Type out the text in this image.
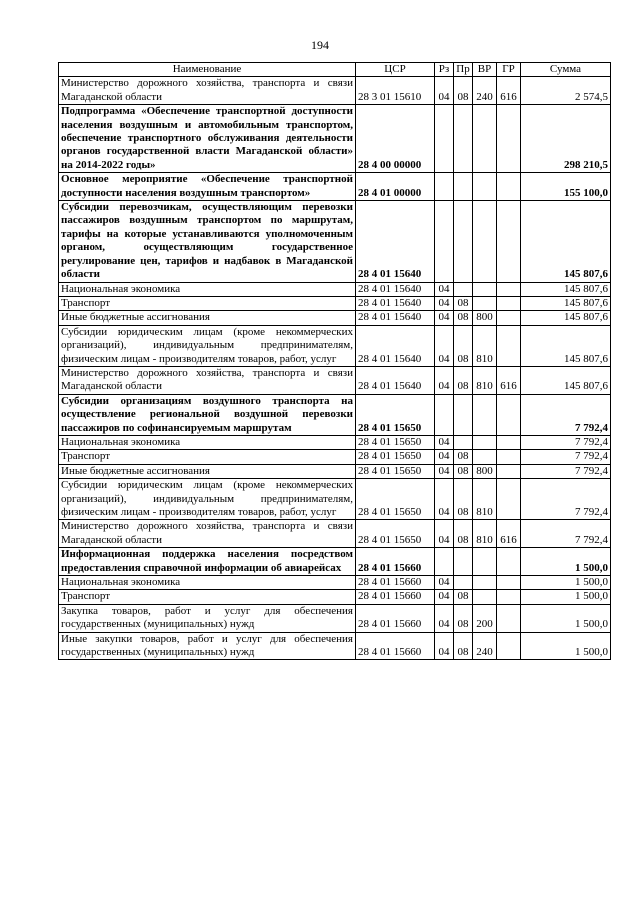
194
Наименование	ЦСР	Рз	Пр	ВР	ГР	Сумма
Министерство дорожного хозяйства, транспорта и связи Магаданской области	28 3 01 15610	04	08	240	616	2 574,5
Подпрограмма «Обеспечение транспортной доступности населения воздушным и автомобильным транспортом, обеспечение транспортного обслуживания деятельности органов государственной власти Магаданской области» на 2014-2022 годы»	28 4 00 00000					298 210,5
Основное мероприятие «Обеспечение транспортной доступности населения воздушным транспортом»	28 4 01 00000					155 100,0
Субсидии перевозчикам, осуществляющим перевозки пассажиров воздушным транспортом по маршрутам, тарифы на которые устанавливаются уполномоченным органом, осуществляющим государственное регулирование цен, тарифов и надбавок в Магаданской области	28 4 01 15640					145 807,6
Национальная экономика	28 4 01 15640	04				145 807,6
Транспорт	28 4 01 15640	04	08			145 807,6
Иные бюджетные ассигнования	28 4 01 15640	04	08	800		145 807,6
Субсидии юридическим лицам (кроме некоммерческих организаций), индивидуальным предпринимателям, физическим лицам - производителям товаров, работ, услуг	28 4 01 15640	04	08	810		145 807,6
Министерство дорожного хозяйства, транспорта и связи Магаданской области	28 4 01 15640	04	08	810	616	145 807,6
Субсидии организациям воздушного транспорта на осуществление региональной воздушной перевозки пассажиров по софинансируемым маршрутам	28 4 01 15650					7 792,4
Национальная экономика	28 4 01 15650	04				7 792,4
Транспорт	28 4 01 15650	04	08			7 792,4
Иные бюджетные ассигнования	28 4 01 15650	04	08	800		7 792,4
Субсидии юридическим лицам (кроме некоммерческих организаций), индивидуальным предпринимателям, физическим лицам - производителям товаров, работ, услуг	28 4 01 15650	04	08	810		7 792,4
Министерство дорожного хозяйства, транспорта и связи Магаданской области	28 4 01 15650	04	08	810	616	7 792,4
Информационная поддержка населения посредством предоставления справочной информации об авиарейсах	28 4 01 15660					1 500,0
Национальная экономика	28 4 01 15660	04				1 500,0
Транспорт	28 4 01 15660	04	08			1 500,0
Закупка товаров, работ и услуг для обеспечения государственных (муниципальных) нужд	28 4 01 15660	04	08	200		1 500,0
Иные закупки товаров, работ и услуг для обеспечения государственных (муниципальных) нужд	28 4 01 15660	04	08	240		1 500,0
